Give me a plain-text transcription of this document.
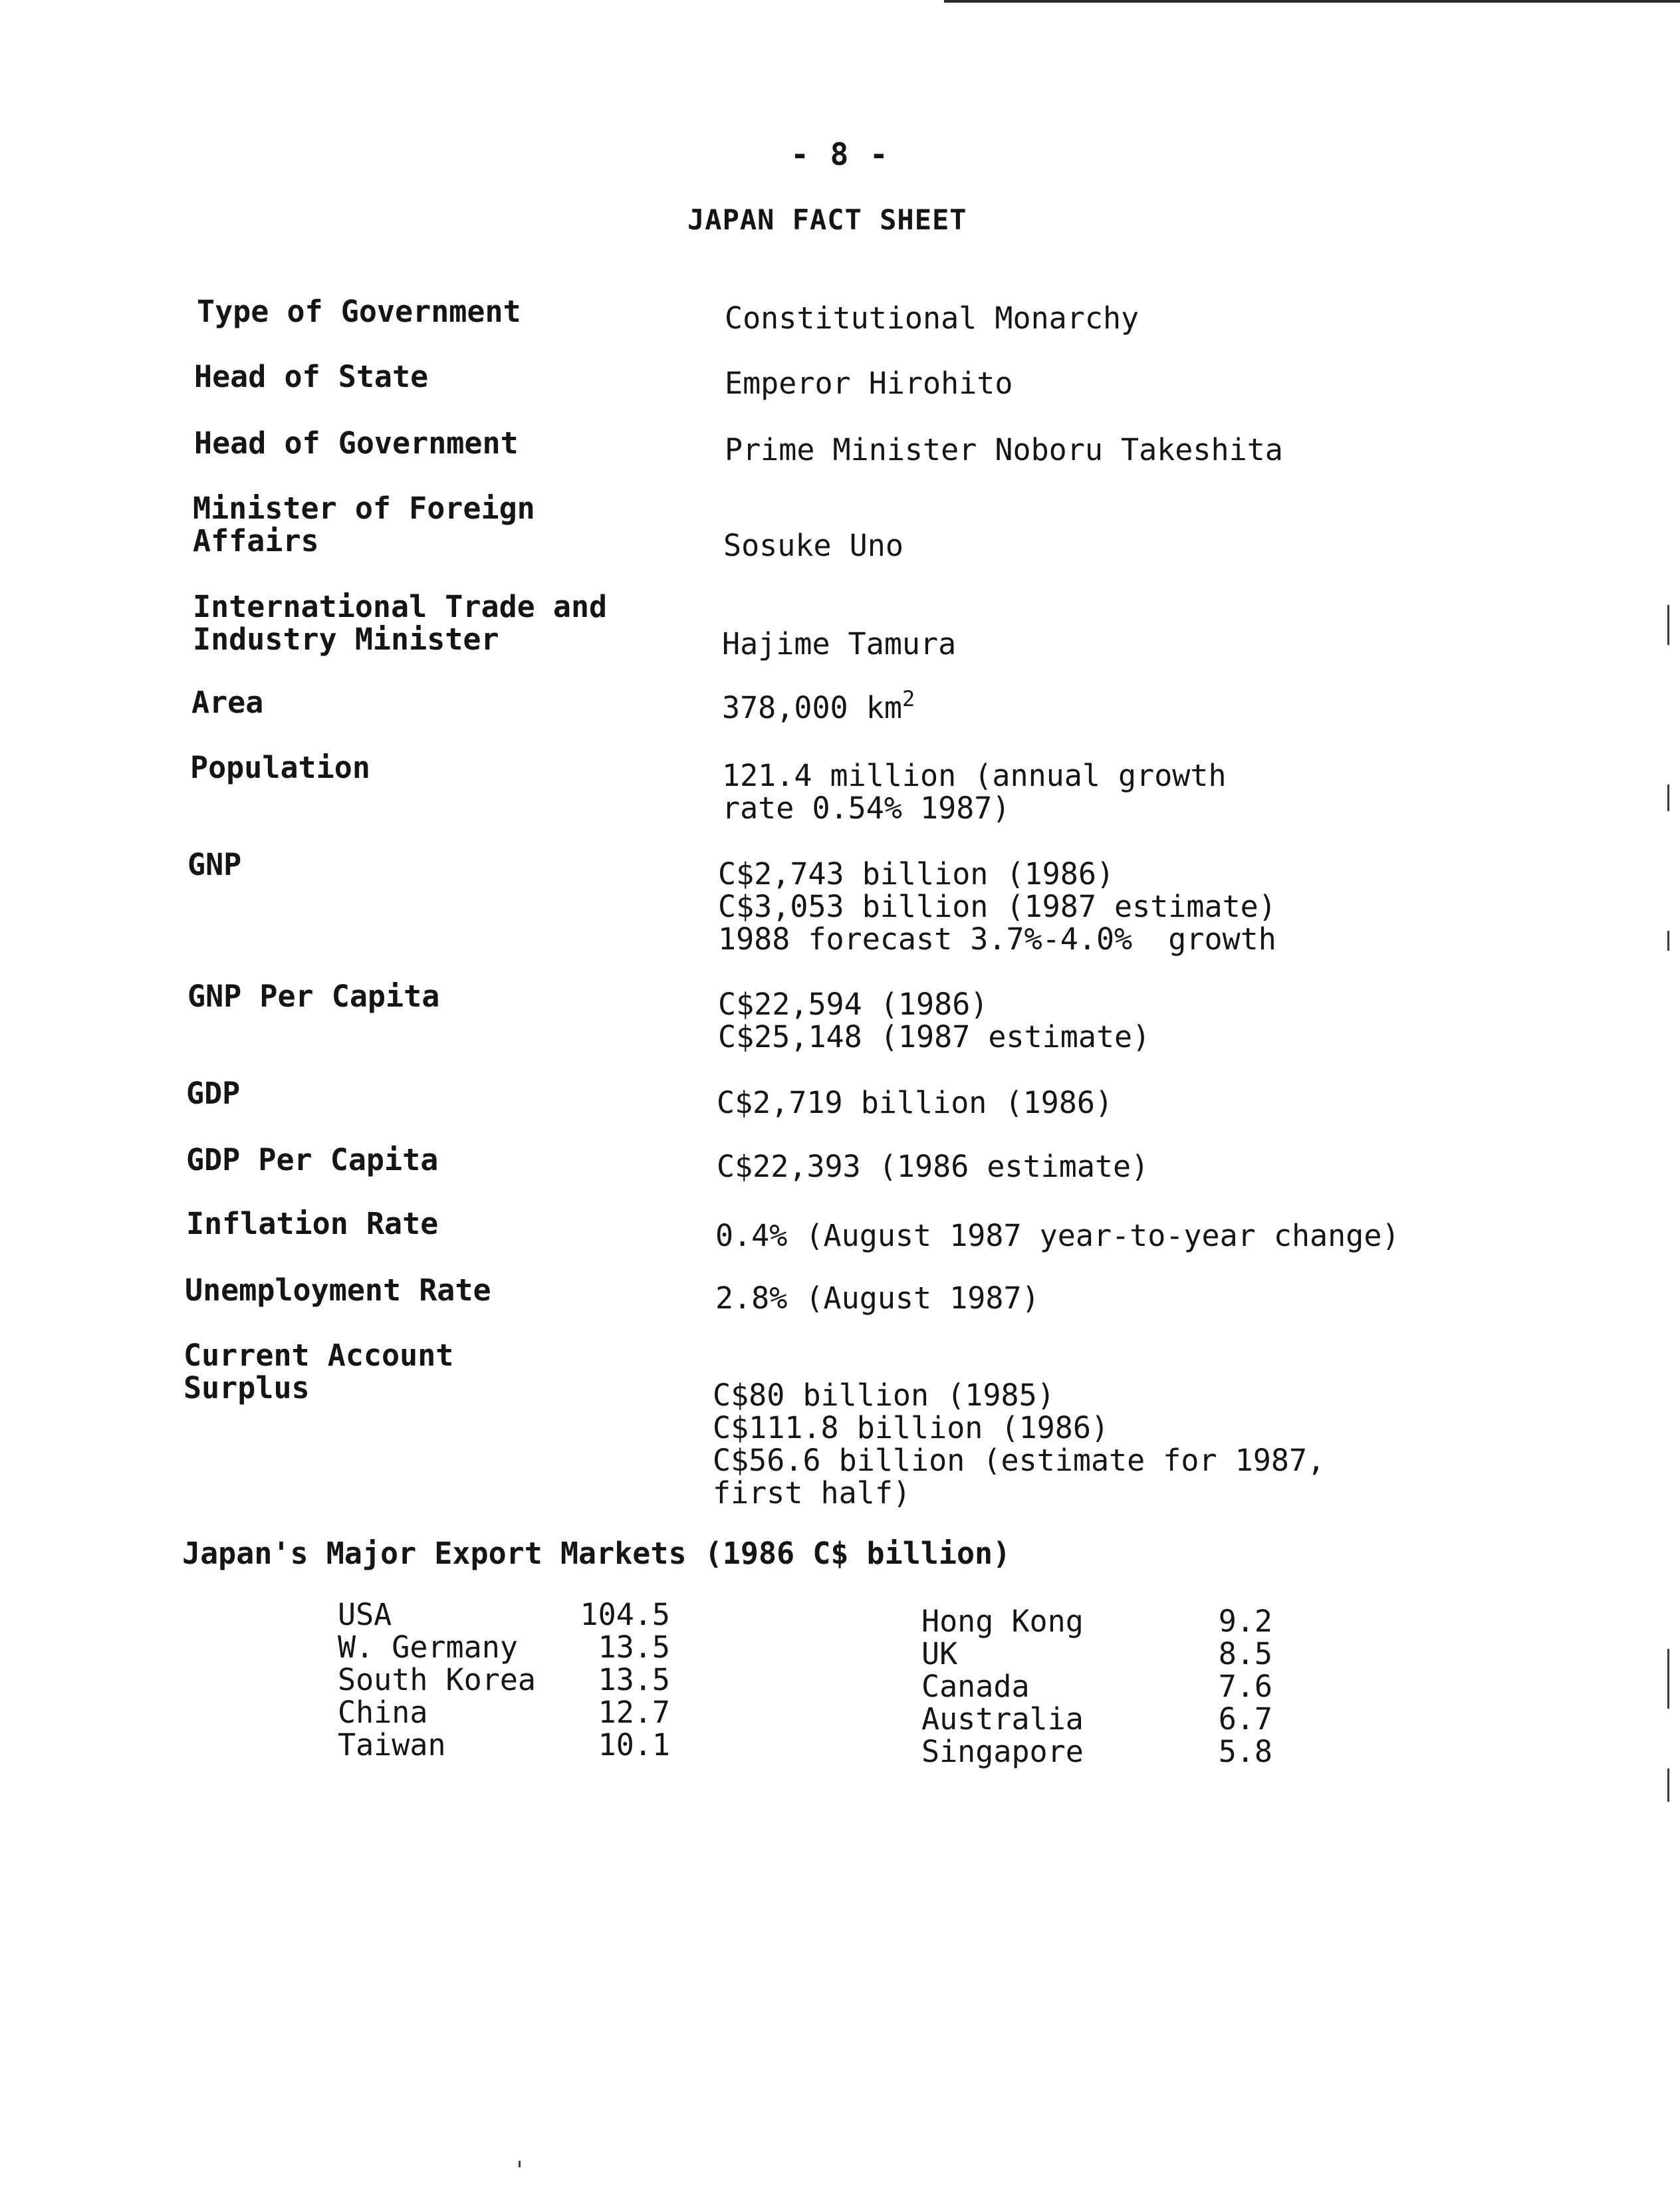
- 8 -
JAPAN FACT SHEET
Type of Government	Constitutional Monarchy
Head of State	Emperor Hirohito
Head of Government	Prime Minister Noboru Takeshita
Minister of Foreign
Affairs	Sosuke Uno
International Trade and
Industry Minister	Hajime Tamura
Area	378,000 $km^2$
Population	121.4 million (annual growth
rate 0.54% 1987)
GNP	C$2,743 billion (1986)
C$3,053 billion (1987 estimate)
1988 forecast 3.7%-4.0%  growth
GNP Per Capita	C$22,594 (1986)
C$25,148 (1987 estimate)
GDP	C$2,719 billion (1986)
GDP Per Capita	C$22,393 (1986 estimate)
Inflation Rate	0.4% (August 1987 year-to-year change)
Unemployment Rate	2.8% (August 1987)
Current Account
Surplus	C$80 billion (1985)
C$111.8 billion (1986)
C$56.6 billion (estimate for 1987,
first half)
Japan's Major Export Markets (1986 C$ billion)
USA	104.5
W. Germany	13.5
South Korea 13.5
China	12.7
Taiwan	10.1
Hong Kong	9.2
UK	8.5
Canada	7.6
Australia	6.7
Singapore	5.8
